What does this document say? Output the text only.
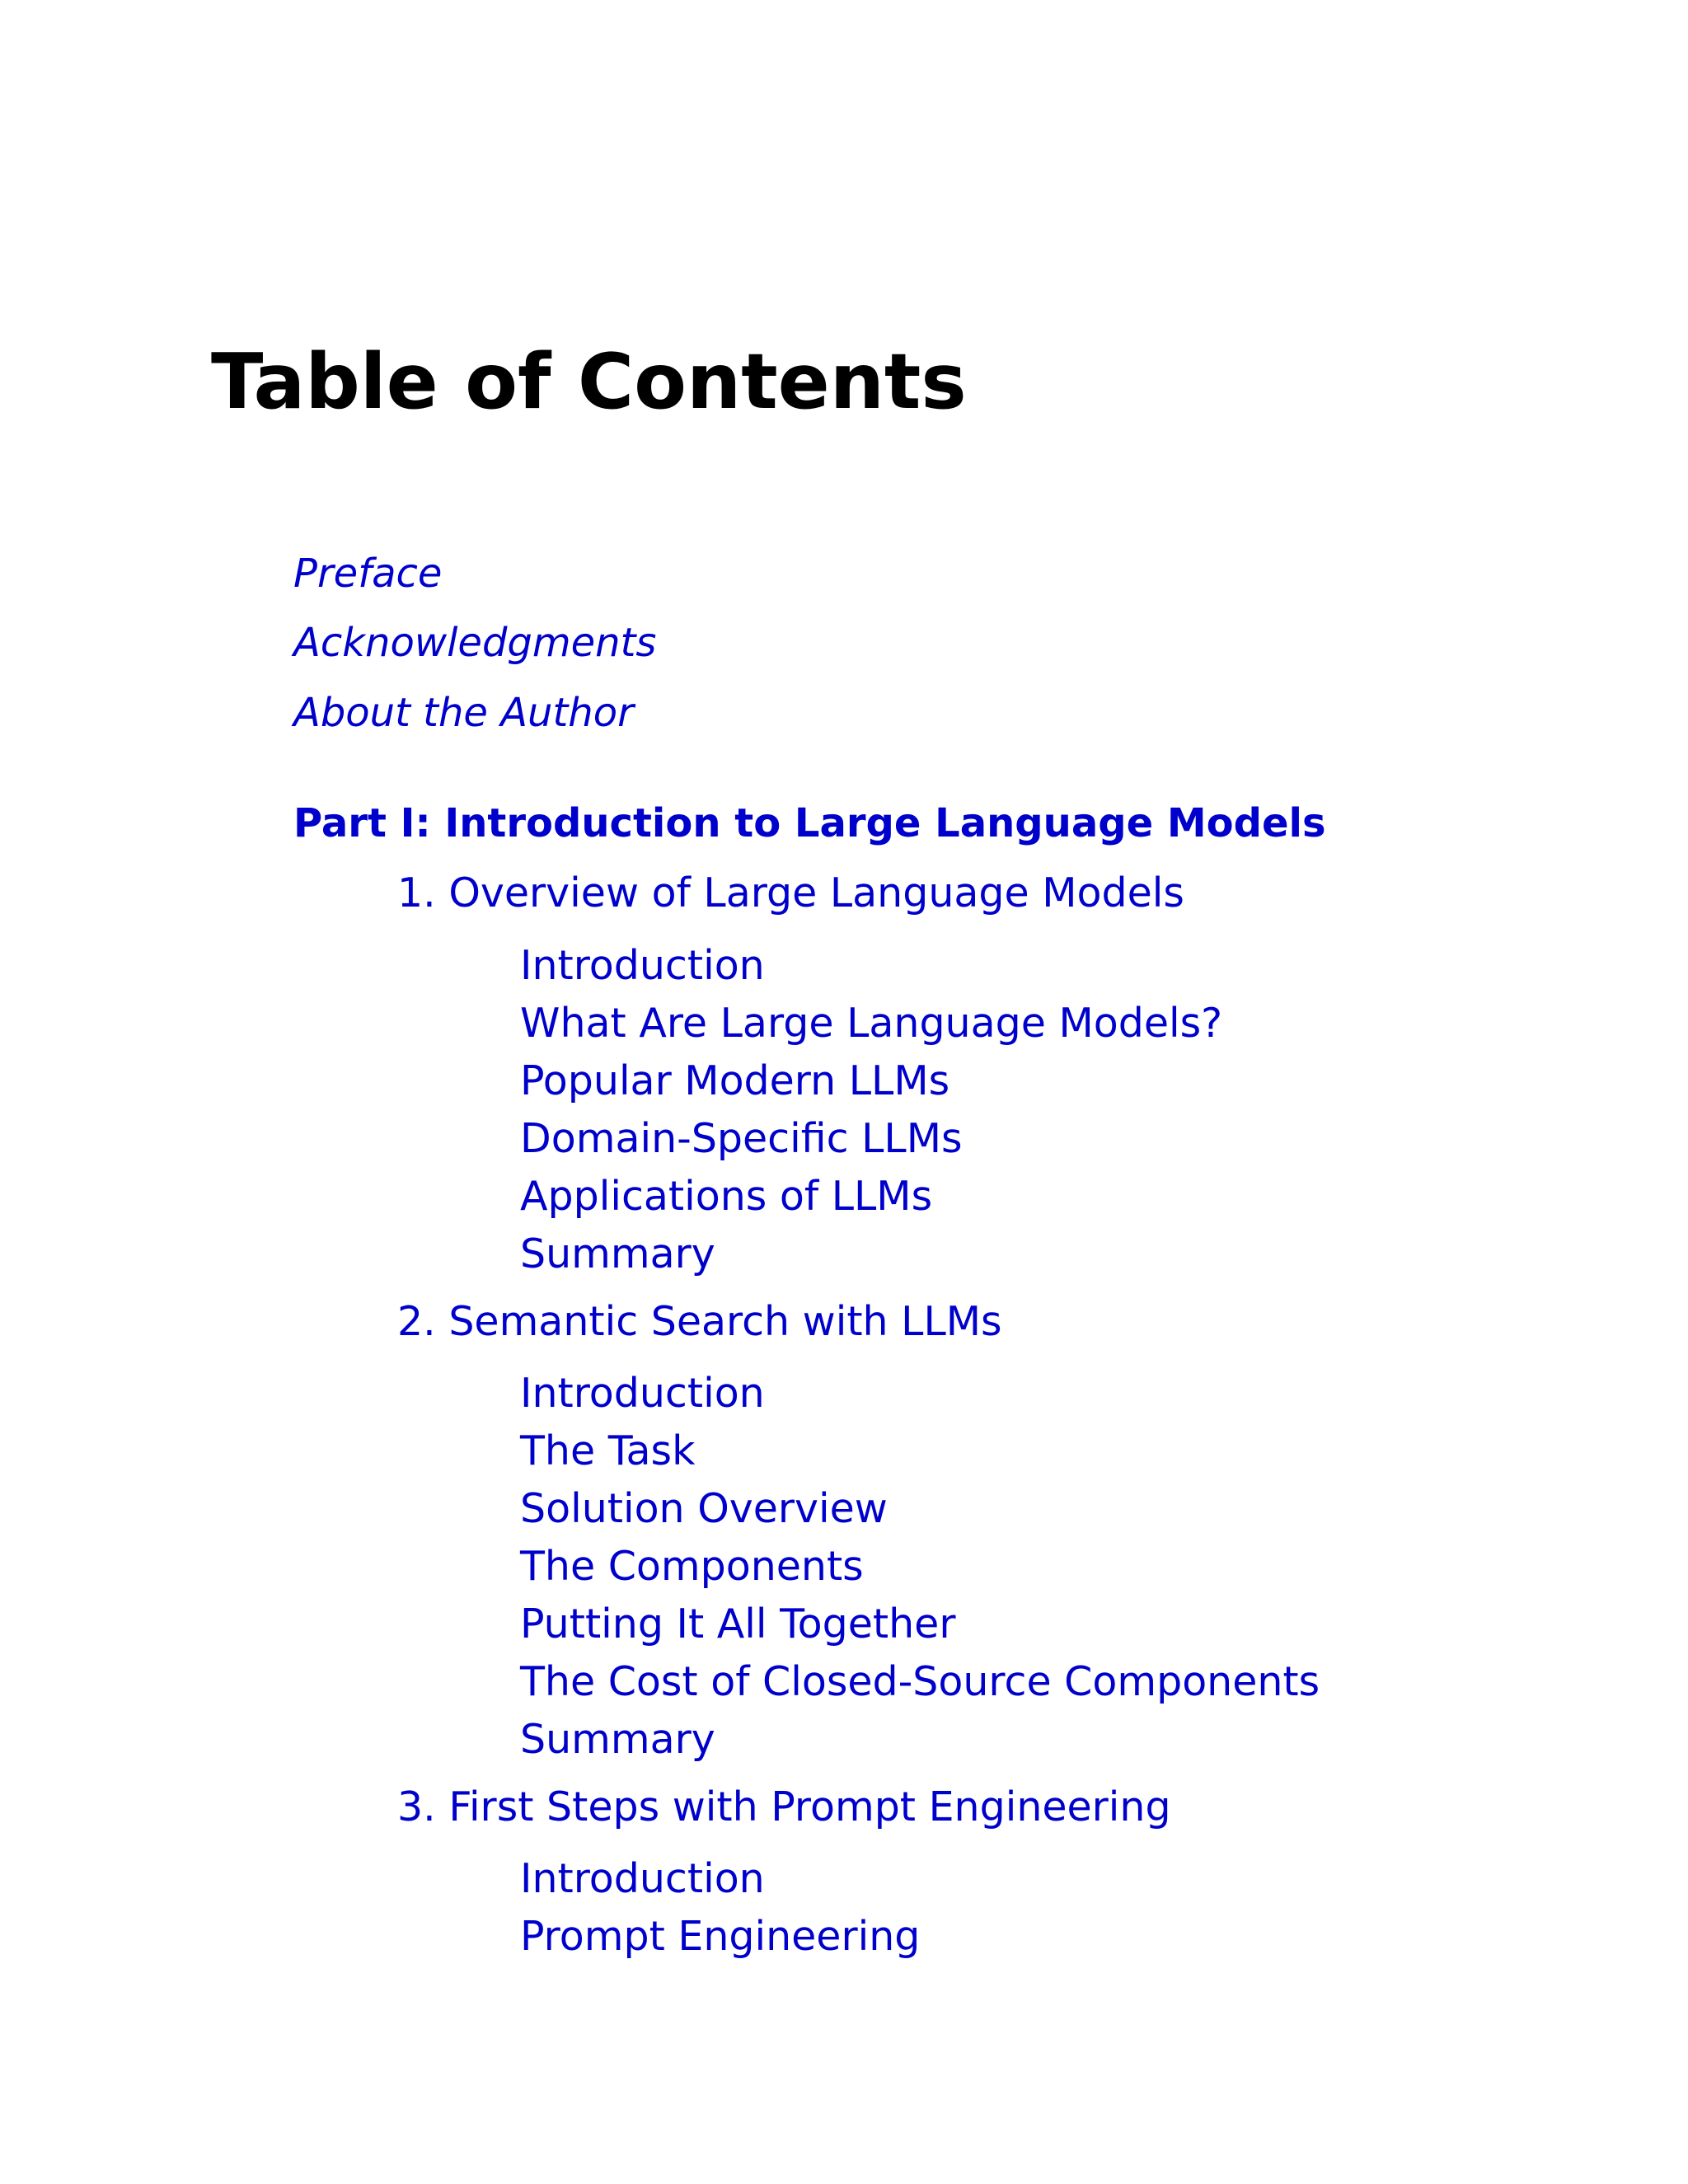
Table of Contents
Preface
Acknowledgments
About the Author
Part I: Introduction to Large Language Models
1. Overview of Large Language Models
Introduction
What Are Large Language Models?
Popular Modern LLMs
Domain-Specific LLMs
Applications of LLMs
Summary
2. Semantic Search with LLMs
Introduction
The Task
Solution Overview
The Components
Putting It All Together
The Cost of Closed-Source Components
Summary
3. First Steps with Prompt Engineering
Introduction
Prompt Engineering
